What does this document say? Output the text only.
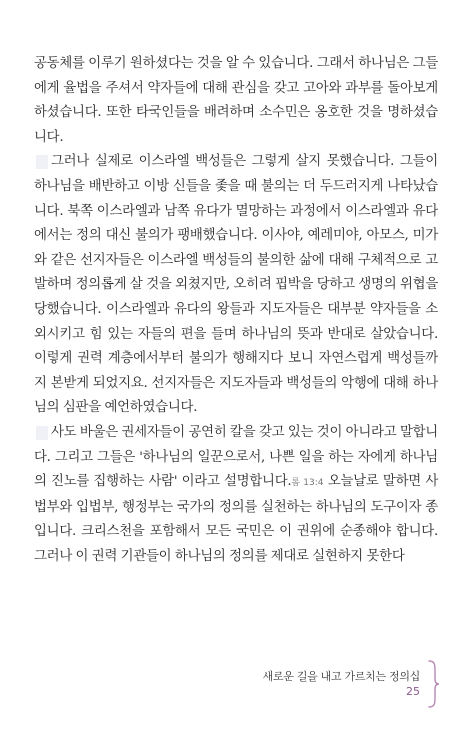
공동체를 이루기 원하셨다는 것을 알 수 있습니다. 그래서 하나님은 그들에게 율법을 주셔서 약자들에 대해 관심을 갖고 고아와 과부를 돌아보게 하셨습니다. 또한 타국인들을 배려하며 소수민은 옹호한 것을 명하셨습니다.

그러나 실제로 이스라엘 백성들은 그렇게 살지 못했습니다. 그들이 하나님을 배반하고 이방 신들을 좇을 때 불의는 더 두드러지게 나타났습니다. 북쪽 이스라엘과 남쪽 유다가 멸망하는 과정에서 이스라엘과 유다에서는 정의 대신 불의가 팽배했습니다. 이사야, 예레미야, 아모스, 미가와 같은 선지자들은 이스라엘 백성들의 불의한 삶에 대해 구체적으로 고발하며 정의롭게 살 것을 외쳤지만, 오히려 핍박을 당하고 생명의 위협을 당했습니다. 이스라엘과 유다의 왕들과 지도자들은 대부분 약자들을 소외시키고 힘 있는 자들의 편을 들며 하나님의 뜻과 반대로 살았습니다. 이렇게 권력 계층에서부터 불의가 행해지다 보니 자연스럽게 백성들까지 본받게 되었지요. 선지자들은 지도자들과 백성들의 악행에 대해 하나님의 심판을 예언하였습니다.

사도 바울은 권세자들이 공연히 칼을 갖고 있는 것이 아니라고 말합니다. 그리고 그들은 '하나님의 일꾼으로서, 나쁜 일을 하는 자에게 하나님의 진노를 집행하는 사람' 이라고 설명합니다.롬 13:4 오늘날로 말하면 사법부와 입법부, 행정부는 국가의 정의를 실천하는 하나님의 도구이자 종입니다. 크리스천을 포함해서 모든 국민은 이 권위에 순종해야 합니다. 그러나 이 권력 기관들이 하나님의 정의를 제대로 실현하지 못한다

새로운 길을 내고 가르치는 정의십
25
